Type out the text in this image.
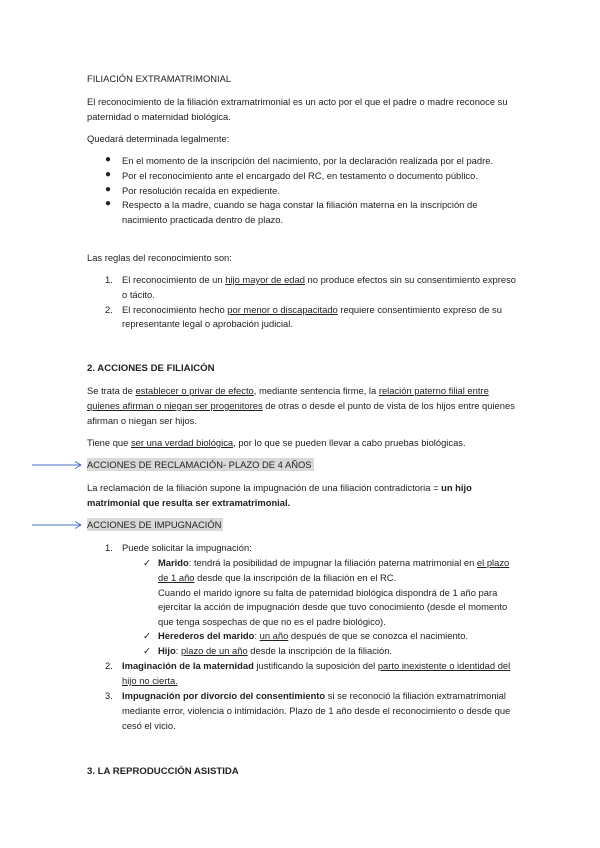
FILIACIÓN EXTRAMATRIMONIAL

El reconocimiento de la filiación extramatrimonial es un acto por el que el padre o madre reconoce su paternidad o maternidad biológica.

Quedará determinada legalmente:

● En el momento de la inscripción del nacimiento, por la declaración realizada por el padre.
● Por el reconocimiento ante el encargado del RC, en testamento o documento público.
● Por resolución recaída en expediente.
● Respecto a la madre, cuando se haga constar la filiación materna en la inscripción de nacimiento practicada dentro de plazo.

Las reglas del reconocimiento son:

1. El reconocimiento de un hijo mayor de edad no produce efectos sin su consentimiento expreso o tácito.
2. El reconocimiento hecho por menor o discapacitado requiere consentimiento expreso de su representante legal o aprobación judicial.

2. ACCIONES DE FILIAICÓN

Se trata de establecer o privar de efecto, mediante sentencia firme, la relación paterno filial entre quienes afirman o niegan ser progenitores de otras o desde el punto de vista de los hijos entre quienes afirman o niegan ser hijos.

Tiene que ser una verdad biológica, por lo que se pueden llevar a cabo pruebas biológicas.

ACCIONES DE RECLAMACIÓN- PLAZO DE 4 AÑOS

La reclamación de la filiación supone la impugnación de una filiación contradictoria = un hijo matrimonial que resulta ser extramatrimonial.

ACCIONES DE IMPUGNACIÓN

1. Puede solicitar la impugnación:
✓ Marido: tendrá la posibilidad de impugnar la filiación paterna matrimonial en el plazo de 1 año desde que la inscripción de la filiación en el RC.
Cuando el marido ignore su falta de paternidad biológica dispondrá de 1 año para ejercitar la acción de impugnación desde que tuvo conocimiento (desde el momento que tenga sospechas de que no es el padre biológico).
✓ Herederos del marido: un año después de que se conozca el nacimiento.
✓ Hijo: plazo de un año desde la inscripción de la filiación.
2. Imaginación de la maternidad justificando la suposición del parto inexistente o identidad del hijo no cierta.
3. Impugnación por divorcio del consentimiento si se reconoció la filiación extramatrimonial mediante error, violencia o intimidación. Plazo de 1 año desde el reconocimiento o desde que cesó el vicio.

3. LA REPRODUCCIÓN ASISTIDA
